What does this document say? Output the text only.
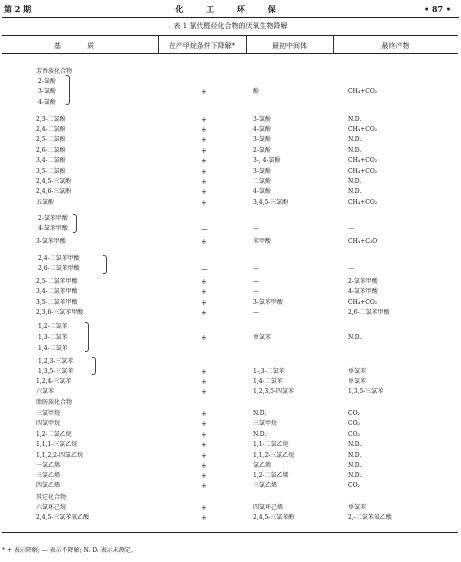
第 2 期	化 工 环 保	• 87 •
表 1 氯代醛烃化合物的厌氧生物降解
基 质	在产甲烷条件下降解*	最初中间体	最终产物
芳香族化合物
2-氯酚
3-氯酚	+	酚	CH₄+CO₂
4-氯酚
2,3-二氯酚	+	3-氯酚	N.D.
2,4-二氯酚	+	4-氯酚	CH₄+CO₂
2,5-二氯酚	+	3-氯酚	N.D.
2,6-二氯酚	+	2-氯酚	N.D.
3,4-二氯酚	+	3-, 4-氯酚	CH₄+CO₂
3,5-二氯酚	+	3-氯酚	CH₄+CO₂
2,4,5-三氯酚	+	二氯酚	N.D.
2,4,6-三氯酚	+	4-氯酚	N.D.
五氯酚	+	3,4,5-三氯酚	CH₄+CO₂
2-氯苯甲酸
4-氯苯甲酸	—	—	—
3-氯苯甲酸	+	苯甲酸	CH₄+C₂O
2,4-二氯苯甲酸
2,6-二氯苯甲酸	—	—	—
2,5-二氯苯甲酸	+	—	2-氯苯甲酸
3,4-二氯苯甲酸	+	—	4-氯苯甲酸
3,5-二氯苯甲酸	+	3-氯苯甲酸	CH₄+CO₂
2,3,6-三氯苯甲酸	+	—	2,6-二氯苯甲酸
1,2-二氯苯
1,3-二氯苯	+	单氯苯	N.D.
1,4-二氯苯
1,2,3-三氯苯
1,3,5-三氯苯	+	1-,3-二氯苯	单氯苯
1,2,4-三氯苯	+	1,4-二氯苯	单氯苯
六氯苯	+	1,2,3,5-四氯苯	1,3,5-三氯苯
脂肪族化合物
三氯甲烷	+	N.D.	CO₂
四氯甲烷	+	三氯甲烷	CO₂
1,2-二氯乙烷	+	N.D.	CO₂
1,1,1-三氯乙烷	+	1,1-二氯乙烷	N.D.
1,1,2,2-四氯乙烷	+	1,1,2-三氯乙烷	N.D.
一氯乙烯	+	氯乙烯	N.D.
三氯乙烯	+	1,2-二氯乙烯	N.D.
四氯乙烯	+	三氯乙烯	CO₂
其它化合物
六氯环己烷	+	四氯环己烯	单氯苯
2,4,5-三氯苯氧乙酸	+	2,4,5-三氯苯酚	2,-二氯苯氧乙酸
* + 表示降解; — 表示不降解; N. D. 表示未测定。
